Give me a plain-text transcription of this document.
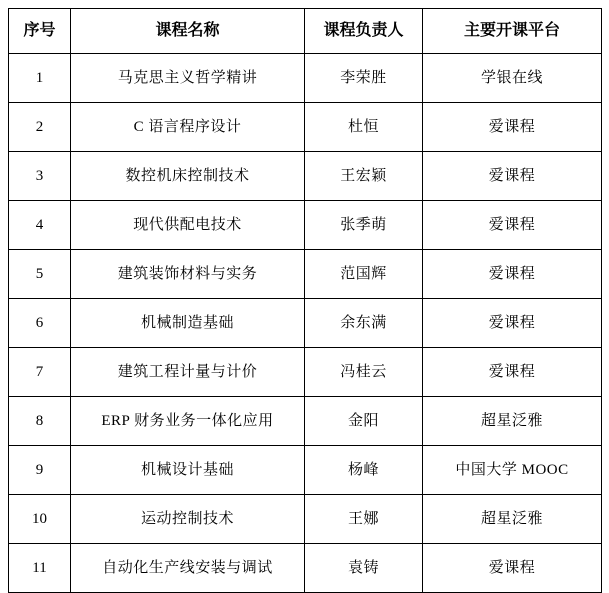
序号	课程名称	课程负责人	主要开课平台
1	马克思主义哲学精讲	李荣胜	学银在线
2	C 语言程序设计	杜恒	爱课程
3	数控机床控制技术	王宏颖	爱课程
4	现代供配电技术	张季萌	爱课程
5	建筑装饰材料与实务	范国辉	爱课程
6	机械制造基础	余东满	爱课程
7	建筑工程计量与计价	冯桂云	爱课程
8	ERP 财务业务一体化应用	金阳	超星泛雅
9	机械设计基础	杨峰	中国大学 MOOC
10	运动控制技术	王娜	超星泛雅
11	自动化生产线安装与调试	袁铸	爱课程
